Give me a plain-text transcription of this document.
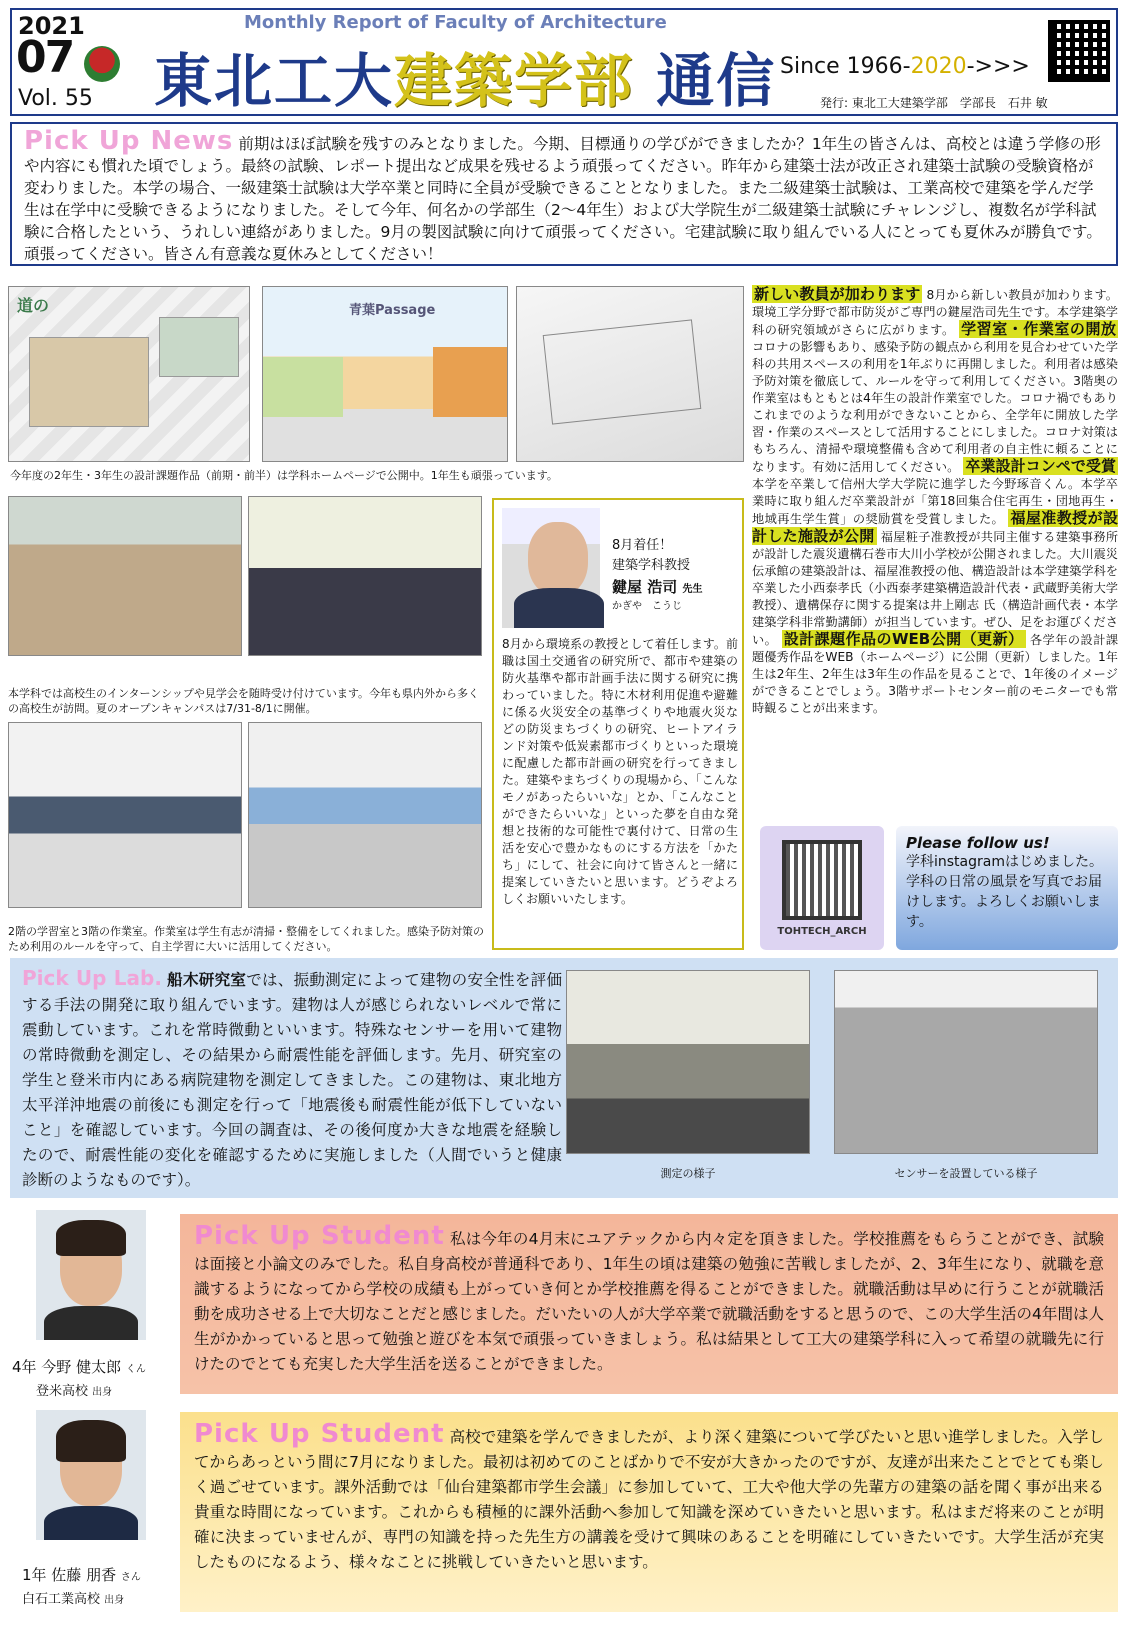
2021
07
Vol. 55
Monthly Report of Faculty of Architecture
東北工大建築学部 通信 Since 1966-2020->>>
発行: 東北工大建築学部　学部長　石井 敏
Pick Up News 前期はほぼ試験を残すのみとなりました。今期、目標通りの学びができましたか？1年生の皆さんは、高校とは違う学修の形や内容にも慣れた頃でしょう。最終の試験、レポート提出など成果を残せるよう頑張ってください。昨年から建築士法が改正され建築士試験の受験資格が変わりました。本学の場合、一級建築士試験は大学卒業と同時に全員が受験できることとなりました。また二級建築士試験は、工業高校で建築を学んだ学生は在学中に受験できるようになりました。そして今年、何名かの学部生（2〜4年生）および大学院生が二級建築士試験にチャレンジし、複数名が学科試験に合格したという、うれしい連絡がありました。9月の製図試験に向けて頑張ってください。宅建試験に取り組んでいる人にとっても夏休みが勝負です。頑張ってください。皆さん有意義な夏休みとしてください！
道の	青葉Passage
今年度の2年生・3年生の設計課題作品（前期・前半）は学科ホームページで公開中。1年生も頑張っています。
本学科では高校生のインターンシップや見学会を随時受け付けています。今年も県内外から多くの高校生が訪問。夏のオープンキャンパスは7/31-8/1に開催。
2階の学習室と3階の作業室。作業室は学生有志が清掃・整備をしてくれました。感染予防対策のため利用のルールを守って、自主学習に大いに活用してください。
8月着任！
建築学科教授
鍵屋 浩司 先生
かぎや　こうじ
8月から環境系の教授として着任します。前職は国土交通省の研究所で、都市や建築の防火基準や都市計画手法に関する研究に携わっていました。特に木材利用促進や避難に係る火災安全の基準づくりや地震火災などの防災まちづくりの研究、ヒートアイランド対策や低炭素都市づくりといった環境に配慮した都市計画の研究を行ってきました。建築やまちづくりの現場から、「こんなモノがあったらいいな」とか、「こんなことができたらいいな」といった夢を自由な発想と技術的な可能性で裏付けて、日常の生活を安心で豊かなものにする方法を「かたち」にして、社会に向けて皆さんと一緒に提案していきたいと思います。どうぞよろしくお願いいたします。
新しい教員が加わります 8月から新しい教員が加わります。環境工学分野で都市防災がご専門の鍵屋浩司先生です。本学建築学科の研究領域がさらに広がります。 学習室・作業室の開放 コロナの影響もあり、感染予防の観点から利用を見合わせていた学科の共用スペースの利用を1年ぶりに再開しました。利用者は感染予防対策を徹底して、ルールを守って利用してください。3階奥の作業室はもともとは4年生の設計作業室でした。コロナ禍でもありこれまでのような利用ができないことから、全学年に開放した学習・作業のスペースとして活用することにしました。コロナ対策はもちろん、清掃や環境整備も含めて利用者の自主性に頼ることになります。有効に活用してください。 卒業設計コンペで受賞 本学を卒業して信州大学大学院に進学した今野琢音くん。本学卒業時に取り組んだ卒業設計が「第18回集合住宅再生・団地再生・地域再生学生賞」の奨励賞を受賞しました。 福屋准教授が設計した施設が公開 福屋粧子准教授が共同主催する建築事務所が設計した震災遺構石巻市大川小学校が公開されました。大川震災伝承館の建築設計は、福屋准教授の他、構造設計は本学建築学科を卒業した小西泰孝氏（小西泰孝建築構造設計代表・武蔵野美術大学教授）、遺構保存に関する提案は井上剛志 氏（構造計画代表・本学建築学科非常勤講師）が担当しています。ぜひ、足をお運びください。 設計課題作品のWEB公開（更新） 各学年の設計課題優秀作品をWEB（ホームページ）に公開（更新）しました。1年生は2年生、2年生は3年生の作品を見ることで、1年後のイメージができることでしょう。3階サポートセンター前のモニターでも常時観ることが出来ます。
TOHTECH_ARCH
Please follow us!
学科instagramはじめました。学科の日常の風景を写真でお届けします。よろしくお願いします。
Pick Up Lab. 船木研究室では、振動測定によって建物の安全性を評価する手法の開発に取り組んでいます。建物は人が感じられないレベルで常に震動しています。これを常時微動といいます。特殊なセンサーを用いて建物の常時微動を測定し、その結果から耐震性能を評価します。先月、研究室の学生と登米市内にある病院建物を測定してきました。この建物は、東北地方太平洋沖地震の前後にも測定を行って「地震後も耐震性能が低下していないこと」を確認しています。今回の調査は、その後何度か大きな地震を経験したので、耐震性能の変化を確認するために実施しました（人間でいうと健康診断のようなものです）。	測定の様子	センサーを設置している様子
4年 今野 健太郎 くん
登米高校 出身
Pick Up Student 私は今年の4月末にユアテックから内々定を頂きました。学校推薦をもらうことができ、試験は面接と小論文のみでした。私自身高校が普通科であり、1年生の頃は建築の勉強に苦戦しましたが、2、3年生になり、就職を意識するようになってから学校の成績も上がっていき何とか学校推薦を得ることができました。就職活動は早めに行うことが就職活動を成功させる上で大切なことだと感じました。だいたいの人が大学卒業で就職活動をすると思うので、この大学生活の4年間は人生がかかっていると思って勉強と遊びを本気で頑張っていきましょう。私は結果として工大の建築学科に入って希望の就職先に行けたのでとても充実した大学生活を送ることができました。
1年 佐藤 朋香 さん
白石工業高校 出身
Pick Up Student 高校で建築を学んできましたが、より深く建築について学びたいと思い進学しました。入学してからあっという間に7月になりました。最初は初めてのことばかりで不安が大きかったのですが、友達が出来たことでとても楽しく過ごせています。課外活動では「仙台建築都市学生会議」に参加していて、工大や他大学の先輩方の建築の話を聞く事が出来る貴重な時間になっています。これからも積極的に課外活動へ参加して知識を深めていきたいと思います。私はまだ将来のことが明確に決まっていませんが、専門の知識を持った先生方の講義を受けて興味のあることを明確にしていきたいです。大学生活が充実したものになるよう、様々なことに挑戦していきたいと思います。
